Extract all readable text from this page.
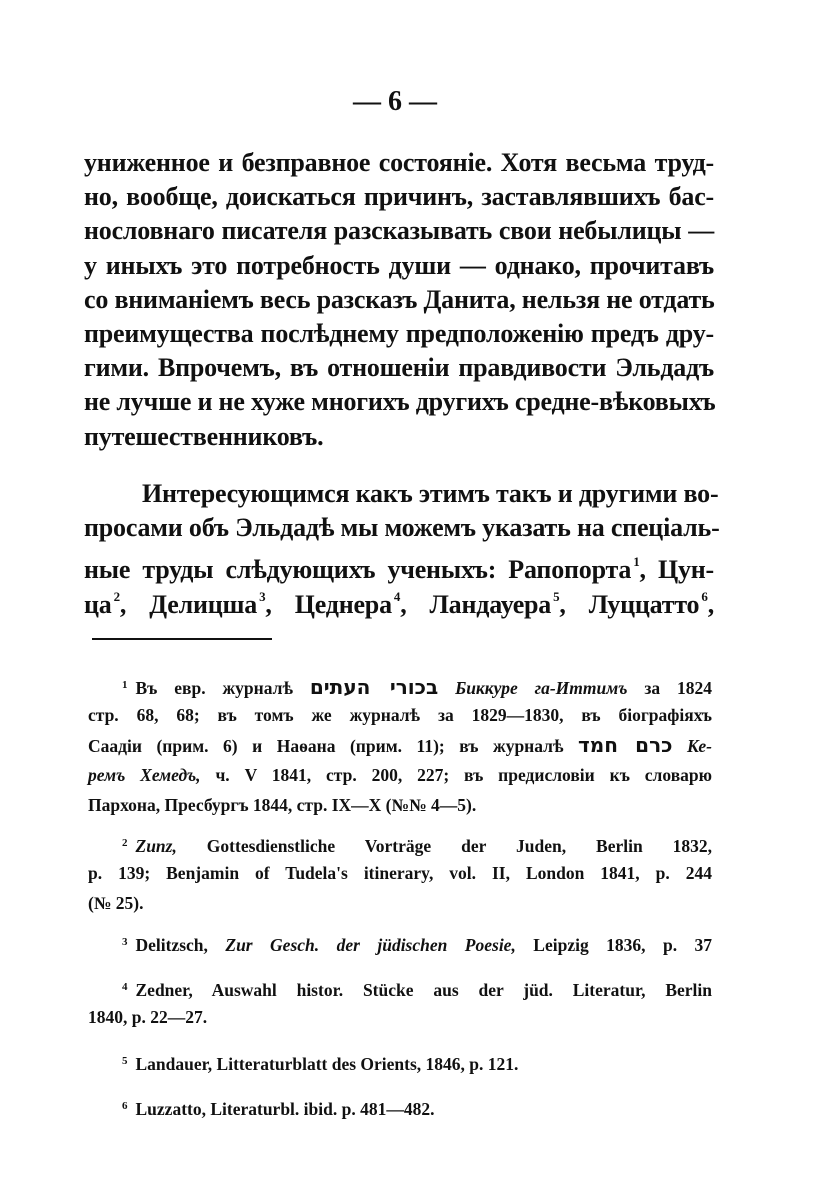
— 6 —
униженное и безправное состояніе. Хотя весьма труд-
но, вообще, доискаться причинъ, заставлявшихъ бас-
нословнаго писателя разсказывать свои небылицы —
у иныхъ это потребность души — однако, прочитавъ
со вниманіемъ весь разсказъ Данита, нельзя не отдать
преимущества послѣднему предположенію предъ дру-
гими. Впрочемъ, въ отношеніи правдивости Эльдадъ
не лучше и не хуже многихъ другихъ средне-вѣковыхъ
путешественниковъ.
Интересующимся какъ этимъ такъ и другими во-
просами объ Эльдадѣ мы можемъ указать на спеціаль-
ные труды слѣдующихъ ученыхъ: Рапопорта $^1$, Цун-
ца $^2$, Делицша $^3$, Цеднера $^4$, Ландауера $^5$, Луццатто $^6$,
$^1$ Въ евр. журналѣ בכורי העתים Биккуре га-Иттимъ за 1824
стр. 68, 68; въ томъ же журналѣ за 1829—1830, въ біографіяхъ
Саадіи (прим. 6) и Наѳана (прим. 11); въ журналѣ כרם חמד Ке-
ремъ Хемедъ, ч. V 1841, стр. 200, 227; въ предисловіи къ словарю
Пархона, Пресбургъ 1844, стр. IX—X (№№ 4—5).
$^2$ Zunz, Gottesdienstliche Vorträge der Juden, Berlin 1832,
p. 139; Benjamin of Tudela's itinerary, vol. II, London 1841, p. 244
(№ 25).
$^3$ Delitzsch, Zur Gesch. der jüdischen Poesie, Leipzig 1836, p. 37
$^4$ Zedner, Auswahl histor. Stücke aus der jüd. Literatur, Berlin
1840, p. 22—27.
$^5$ Landauer, Litteraturblatt des Orients, 1846, p. 121.
$^6$ Luzzatto, Literaturbl. ibid. p. 481—482.
